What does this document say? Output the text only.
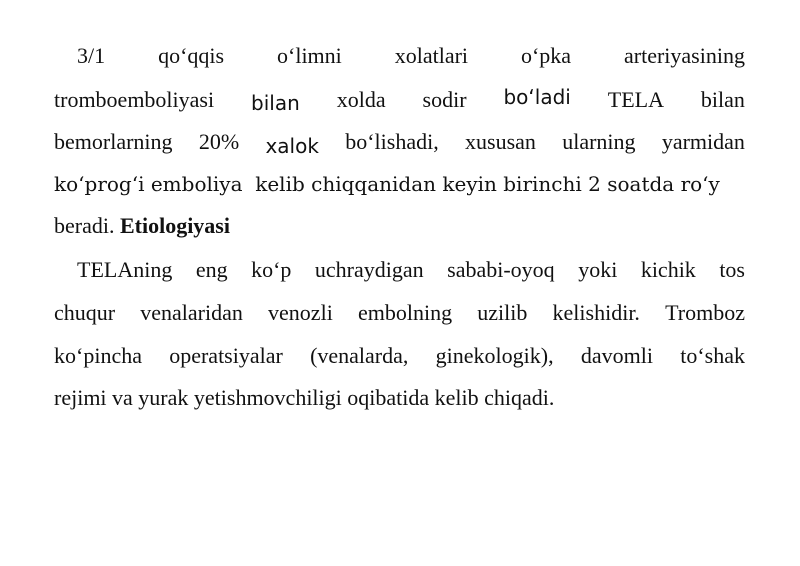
3/1 qo‘qqis o‘limni xolatlari o‘pka arteriyasining
tromboemboliyasi bilan xolda sodir bo‘ladi TELA bilan
bemorlarning 20% xalok bo‘lishadi, xususan ularning yarmidan
ko‘prog‘i emboliya  kelib chiqqanidan keyin birinchi 2 soatda ro‘y
beradi. Etiologiyasi
TELAning eng ko‘p uchraydigan sababi-oyoq yoki kichik tos
chuqur venalaridan venozli embolning uzilib kelishidir. Tromboz
ko‘pincha operatsiyalar (venalarda, ginekologik), davomli to‘shak
rejimi va yurak yetishmovchiligi oqibatida kelib chiqadi.
